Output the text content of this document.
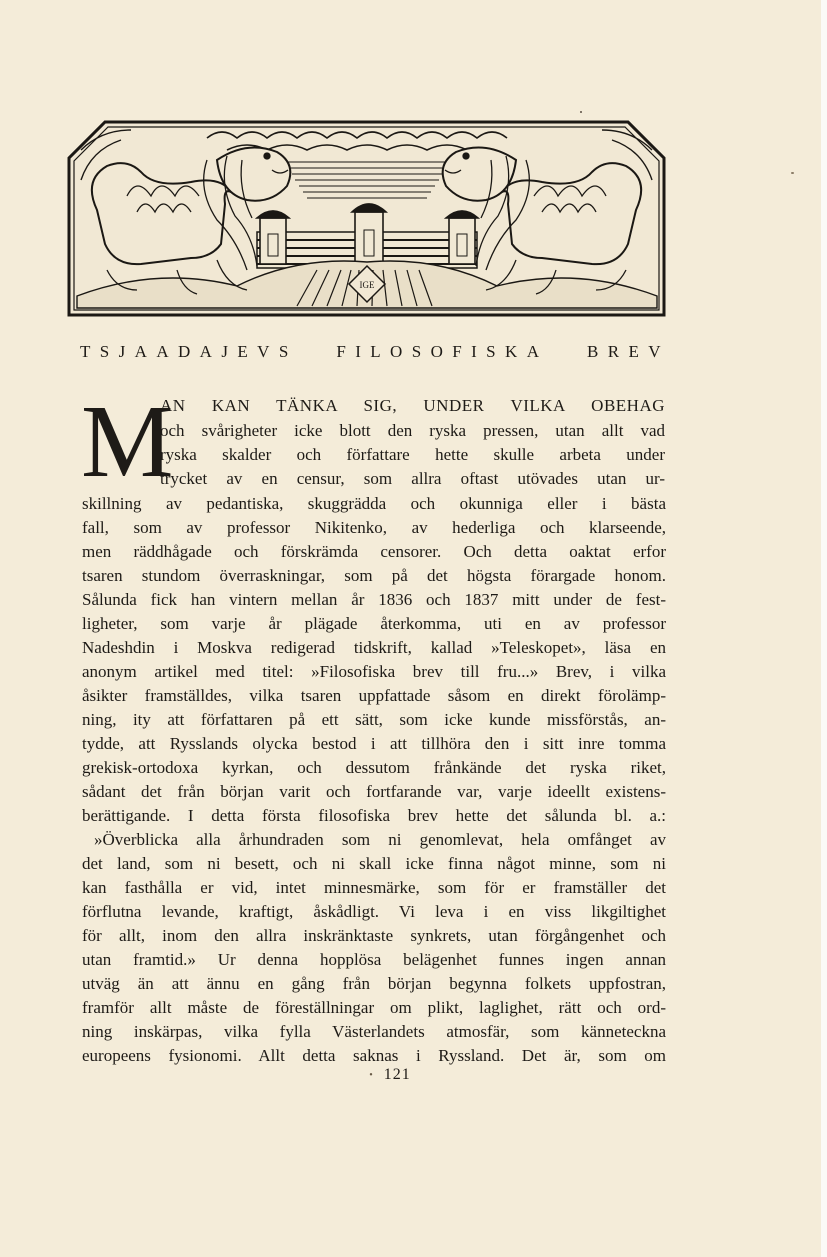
IGE
TSJAADAJEVS FILOSOFISKA BREV
M
AN KAN TÄNKA SIG, UNDER VILKA OBEHAG
och svårigheter icke blott den ryska pressen, utan allt vad
ryska skalder och författare hette skulle arbeta under
trycket av en censur, som allra oftast utövades utan ur-
skillning av pedantiska, skuggrädda och okunniga eller i bästa
fall, som av professor Nikitenko, av hederliga och klarseende,
men räddhågade och förskrämda censorer. Och detta oaktat erfor
tsaren stundom överraskningar, som på det högsta förargade honom.
Sålunda fick han vintern mellan år 1836 och 1837 mitt under de fest-
ligheter, som varje år plägade återkomma, uti en av professor
Nadeshdin i Moskva redigerad tidskrift, kallad »Teleskopet», läsa en
anonym artikel med titel: »Filosofiska brev till fru...» Brev, i vilka
åsikter framställdes, vilka tsaren uppfattade såsom en direkt förolämp-
ning, ity att författaren på ett sätt, som icke kunde missförstås, an-
tydde, att Rysslands olycka bestod i att tillhöra den i sitt inre tomma
grekisk-ortodoxa kyrkan, och dessutom frånkände det ryska riket,
sådant det från början varit och fortfarande var, varje ideellt existens-
berättigande. I detta första filosofiska brev hette det sålunda bl. a.:
»Överblicka alla århundraden som ni genomlevat, hela omfånget av
det land, som ni besett, och ni skall icke finna något minne, som ni
kan fasthålla er vid, intet minnesmärke, som för er framställer det
förflutna levande, kraftigt, åskådligt. Vi leva i en viss likgiltighet
för allt, inom den allra inskränktaste synkrets, utan förgångenhet och
utan framtid.» Ur denna hopplösa belägenhet funnes ingen annan
utväg än att ännu en gång från början begynna folkets uppfostran,
framför allt måste de föreställningar om plikt, laglighet, rätt och ord-
ning inskärpas, vilka fylla Västerlandets atmosfär, som kännetecknа
europeens fysionomi. Allt detta saknas i Ryssland. Det är, som om
• 121
